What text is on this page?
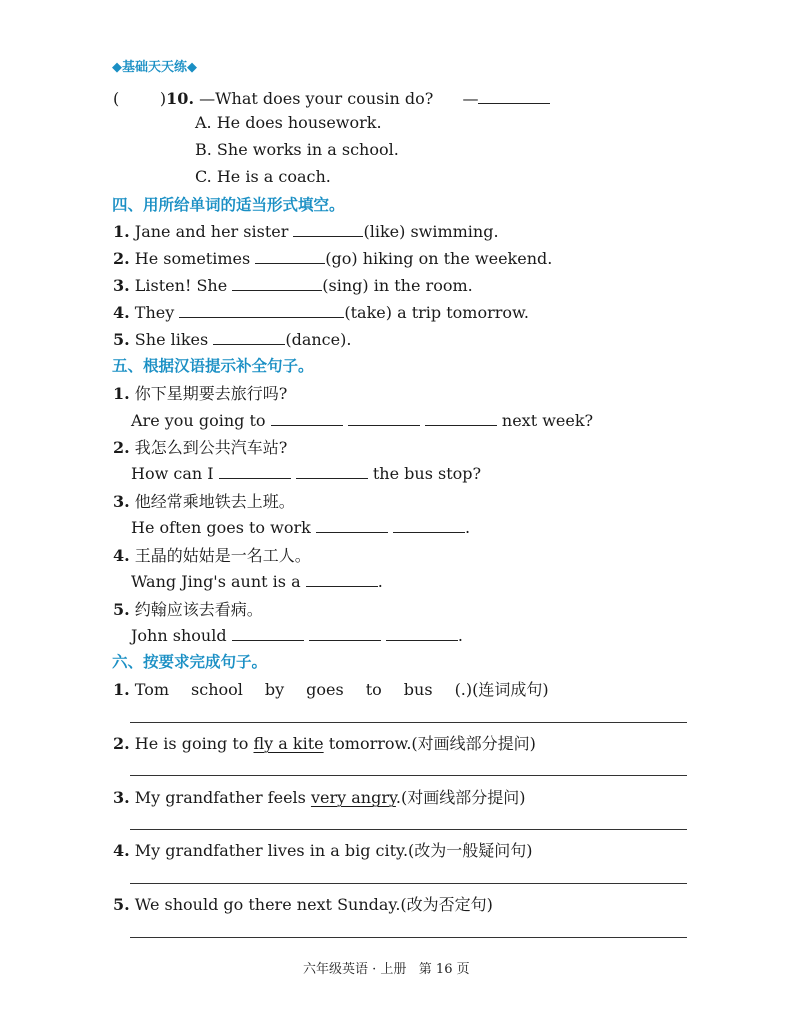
◆基础天天练◆
(        )10. —What does your cousin do? —
A. He does housework.
B. She works in a school.
C. He is a coach.
四、用所给单词的适当形式填空。
1. Jane and her sister	(like) swimming.
2. He sometimes	(go) hiking on the weekend.
3. Listen! She	(sing) in the room.
4. They	(take) a trip tomorrow.
5. She likes	(dance).
五、根据汉语提示补全句子。
1. 你下星期要去旅行吗?
Are you going to	next week?
2. 我怎么到公共汽车站?
How can I	the bus stop?
3. 他经常乘地铁去上班。
He often goes to work	.
4. 王晶的姑姑是一名工人。
Wang Jing's aunt is a	.
5. 约翰应该去看病。
John should	.
六、按要求完成句子。
1. Tom school by goes to bus (.)(连词成句)
2. He is going to fly a kite tomorrow.(对画线部分提问)
3. My grandfather feels very angry.(对画线部分提问)
4. My grandfather lives in a big city.(改为一般疑问句)
5. We should go there next Sunday.(改为否定句)
六年级英语 · 上册   第 16 页
